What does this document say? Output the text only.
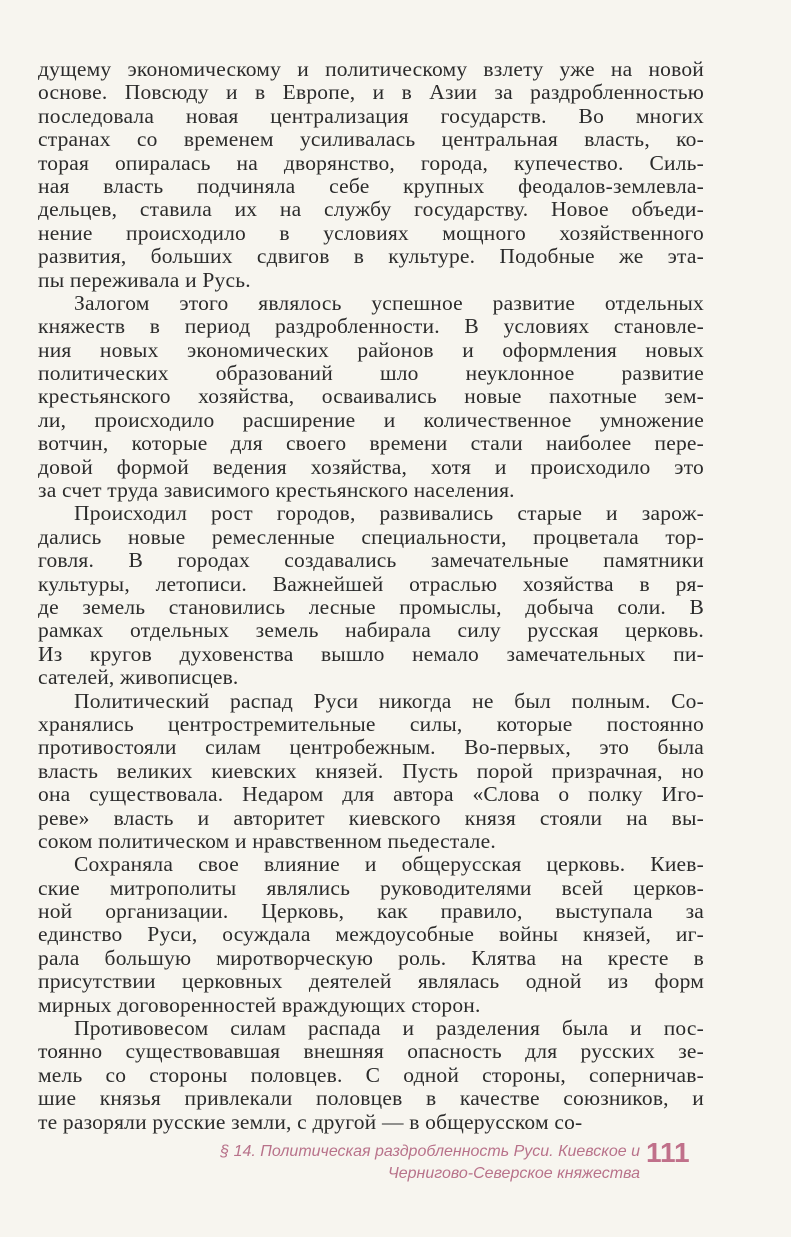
дущему экономическому и политическому взлету уже на новой
основе. Повсюду и в Европе, и в Азии за раздробленностью
последовала новая централизация государств. Во многих
странах со временем усиливалась центральная власть, ко-
торая опиралась на дворянство, города, купечество. Силь-
ная власть подчиняла себе крупных феодалов-землевла-
дельцев, ставила их на службу государству. Новое объеди-
нение происходило в условиях мощного хозяйственного
развития, больших сдвигов в культуре. Подобные же эта-
пы переживала и Русь.
Залогом этого являлось успешное развитие отдельных
княжеств в период раздробленности. В условиях становле-
ния новых экономических районов и оформления новых
политических образований шло неуклонное развитие
крестьянского хозяйства, осваивались новые пахотные зем-
ли, происходило расширение и количественное умножение
вотчин, которые для своего времени стали наиболее пере-
довой формой ведения хозяйства, хотя и происходило это
за счет труда зависимого крестьянского населения.
Происходил рост городов, развивались старые и зарож-
дались новые ремесленные специальности, процветала тор-
говля. В городах создавались замечательные памятники
культуры, летописи. Важнейшей отраслью хозяйства в ря-
де земель становились лесные промыслы, добыча соли. В
рамках отдельных земель набирала силу русская церковь.
Из кругов духовенства вышло немало замечательных пи-
сателей, живописцев.
Политический распад Руси никогда не был полным. Со-
хранялись центростремительные силы, которые постоянно
противостояли силам центробежным. Во-первых, это была
власть великих киевских князей. Пусть порой призрачная, но
она существовала. Недаром для автора «Слова о полку Иго-
реве» власть и авторитет киевского князя стояли на вы-
соком политическом и нравственном пьедестале.
Сохраняла свое влияние и общерусская церковь. Киев-
ские митрополиты являлись руководителями всей церков-
ной организации. Церковь, как правило, выступала за
единство Руси, осуждала междоусобные войны князей, иг-
рала большую миротворческую роль. Клятва на кресте в
присутствии церковных деятелей являлась одной из форм
мирных договоренностей враждующих сторон.
Противовесом силам распада и разделения была и пос-
тоянно существовавшая внешняя опасность для русских зе-
мель со стороны половцев. С одной стороны, соперничав-
шие князья привлекали половцев в качестве союзников, и
те разоряли русские земли, с другой — в общерусском со-
§ 14. Политическая раздробленность Руси. Киевское и
Чернигово-Северское княжества
111
